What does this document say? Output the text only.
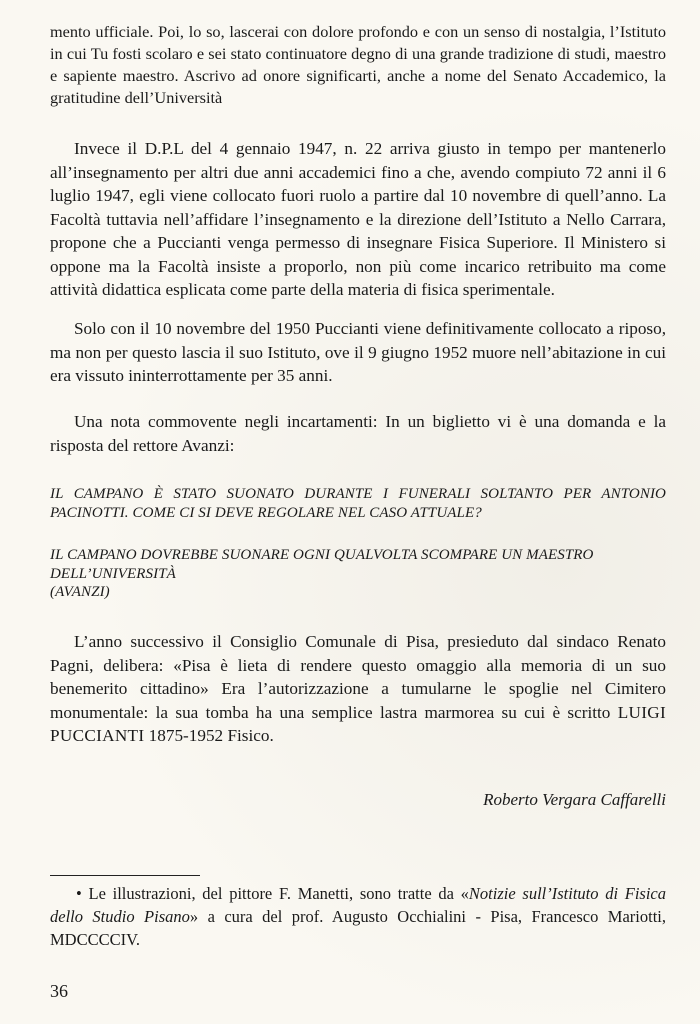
mento ufficiale. Poi, lo so, lascerai con dolore profondo e con un senso di nostalgia, l’Istituto in cui Tu fosti scolaro e sei stato continuatore degno di una grande tradizione di studi, maestro e sapiente maestro. Ascrivo ad onore significarti, anche a nome del Senato Accademico, la gratitudine dell’Università

Invece il D.P.L del 4 gennaio 1947, n. 22 arriva giusto in tempo per mantenerlo all’insegnamento per altri due anni accademici fino a che, avendo compiuto 72 anni il 6 luglio 1947, egli viene collocato fuori ruolo a partire dal 10 novembre di quell’anno. La Facoltà tuttavia nell’affidare l’insegnamento e la direzione dell’Istituto a Nello Carrara, propone che a Puccianti venga permesso di insegnare Fisica Superiore. Il Ministero si oppone ma la Facoltà insiste a proporlo, non più come incarico retribuito ma come attività didattica esplicata come parte della materia di fisica sperimentale.

Solo con il 10 novembre del 1950 Puccianti viene definitivamente collocato a riposo, ma non per questo lascia il suo Istituto, ove il 9 giugno 1952 muore nell’abitazione in cui era vissuto ininterrottamente per 35 anni.

Una nota commovente negli incartamenti: In un biglietto vi è una domanda e la risposta del rettore Avanzi:

IL CAMPANO È STATO SUONATO DURANTE I FUNERALI SOLTANTO PER ANTONIO PACINOTTI. COME CI SI DEVE REGOLARE NEL CASO ATTUALE?

IL CAMPANO DOVREBBE SUONARE OGNI QUALVOLTA SCOMPARE UN MAESTRO
DELL’UNIVERSITÀ
(AVANZI)

L’anno successivo il Consiglio Comunale di Pisa, presieduto dal sindaco Renato Pagni, delibera: «Pisa è lieta di rendere questo omaggio alla memoria di un suo benemerito cittadino» Era l’autorizzazione a tumularne le spoglie nel Cimitero monumentale: la sua tomba ha una semplice lastra marmorea su cui è scritto LUIGI PUCCIANTI 1875-1952 Fisico.

Roberto Vergara Caffarelli

• Le illustrazioni, del pittore F. Manetti, sono tratte da «Notizie sull’Istituto di Fisica dello Studio Pisano» a cura del prof. Augusto Occhialini - Pisa, Francesco Mariotti, MDCCCCIV.

36
